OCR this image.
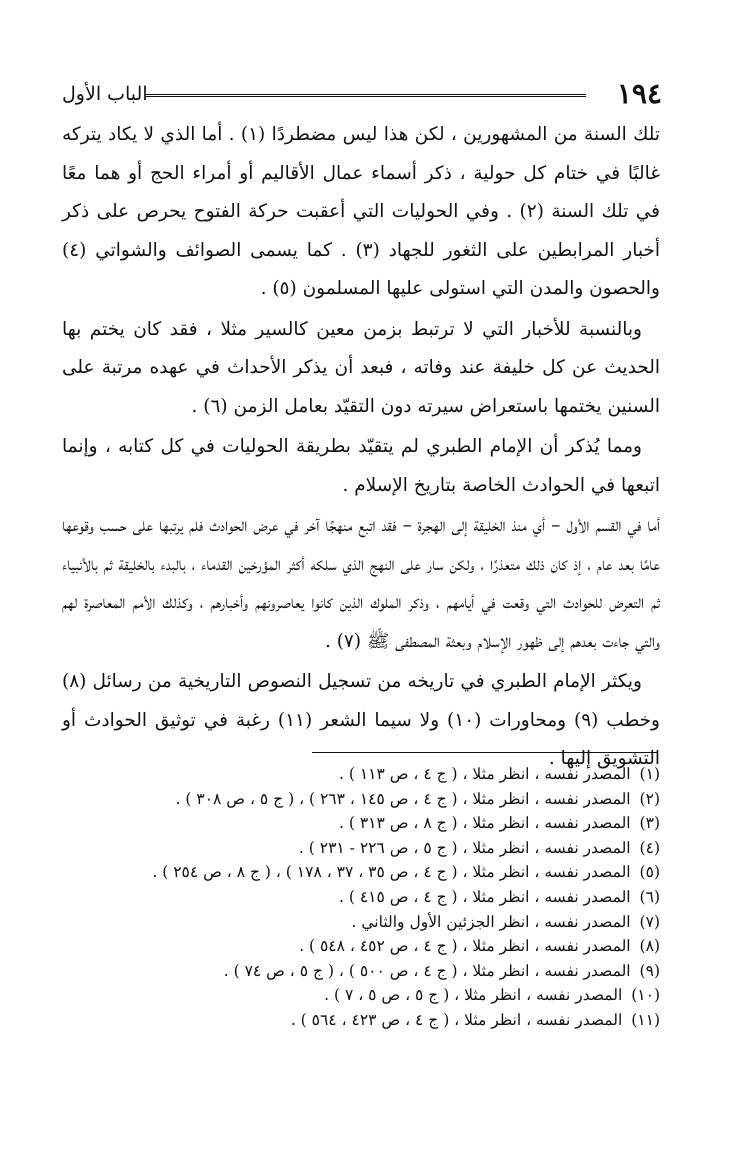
١٩٤
الباب الأول

تلك السنة من المشهورين ، لكن هذا ليس مضطردًا (١) . أما الذي لا يكاد يتركه غالبًا في ختام كل حولية ، ذكر أسماء عمال الأقاليم أو أمراء الحج أو هما معًا في تلك السنة (٢) . وفي الحوليات التي أعقبت حركة الفتوح يحرص على ذكر أخبار المرابطين على الثغور للجهاد (٣) . كما يسمى الصوائف والشواتي (٤) والحصون والمدن التي استولى عليها المسلمون (٥) .

وبالنسبة للأخبار التي لا ترتبط بزمن معين كالسير مثلا ، فقد كان يختم بها الحديث عن كل خليفة عند وفاته ، فبعد أن يذكر الأحداث في عهده مرتبة على السنين يختمها باستعراض سيرته دون التقيّد بعامل الزمن (٦) .

ومما يُذكر أن الإمام الطبري لم يتقيّد بطريقة الحوليات في كل كتابه ، وإنما اتبعها في الحوادث الخاصة بتاريخ الإسلام .

أما في القسم الأول – أي منذ الخليقة إلى الهجرة – فقد اتبع منهجًا آخر في عرض الحوادث فلم يرتبها على حسب وقوعها عامًا بعد عام ، إذ كان ذلك متعذرًا ، ولكن سار على النهج الذي سلكه أكثر المؤرخين القدماء ، بالبدء بالخليقة ثم بالأنبياء ثم التعرض للحوادث التي وقعت في أيامهم ، وذكر الملوك الذين كانوا يعاصرونهم وأخبارهم ، وكذلك الأمم المعاصرة لهم والتي جاءت بعدهم إلى ظهور الإسلام وبعثة المصطفى ﷺ (٧) .

ويكثر الإمام الطبري في تاريخه من تسجيل النصوص التاريخية من رسائل (٨) وخطب (٩) ومحاورات (١٠) ولا سيما الشعر (١١) رغبة في توثيق الحوادث أو التشويق إليها .

(١) المصدر نفسه ، انظر مثلا ، ( ج ٤ ، ص ١١٣ ) .
(٢) المصدر نفسه ، انظر مثلا ، ( ج ٤ ، ص ١٤٥ ، ٢٦٣ ) ، ( ج ٥ ، ص ٣٠٨ ) .
(٣) المصدر نفسه ، انظر مثلا ، ( ج ٨ ، ص ٣١٣ ) .
(٤) المصدر نفسه ، انظر مثلا ، ( ج ٥ ، ص ٢٢٦ - ٢٣١ ) .
(٥) المصدر نفسه ، انظر مثلا ، ( ج ٤ ، ص ٣٥ ، ٣٧ ، ١٧٨ ) ، ( ج ٨ ، ص ٢٥٤ ) .
(٦) المصدر نفسه ، انظر مثلا ، ( ج ٤ ، ص ٤١٥ ) .
(٧) المصدر نفسه ، انظر الجزئين الأول والثاني .
(٨) المصدر نفسه ، انظر مثلا ، ( ج ٤ ، ص ٤٥٢ ، ٥٤٨ ) .
(٩) المصدر نفسه ، انظر مثلا ، ( ج ٤ ، ص ٥٠٠ ) ، ( ج ٥ ، ص ٧٤ ) .
(١٠) المصدر نفسه ، انظر مثلا ، ( ج ٥ ، ص ٥ ، ٧ ) .
(١١) المصدر نفسه ، انظر مثلا ، ( ج ٤ ، ص ٤٢٣ ، ٥٦٤ ) .
